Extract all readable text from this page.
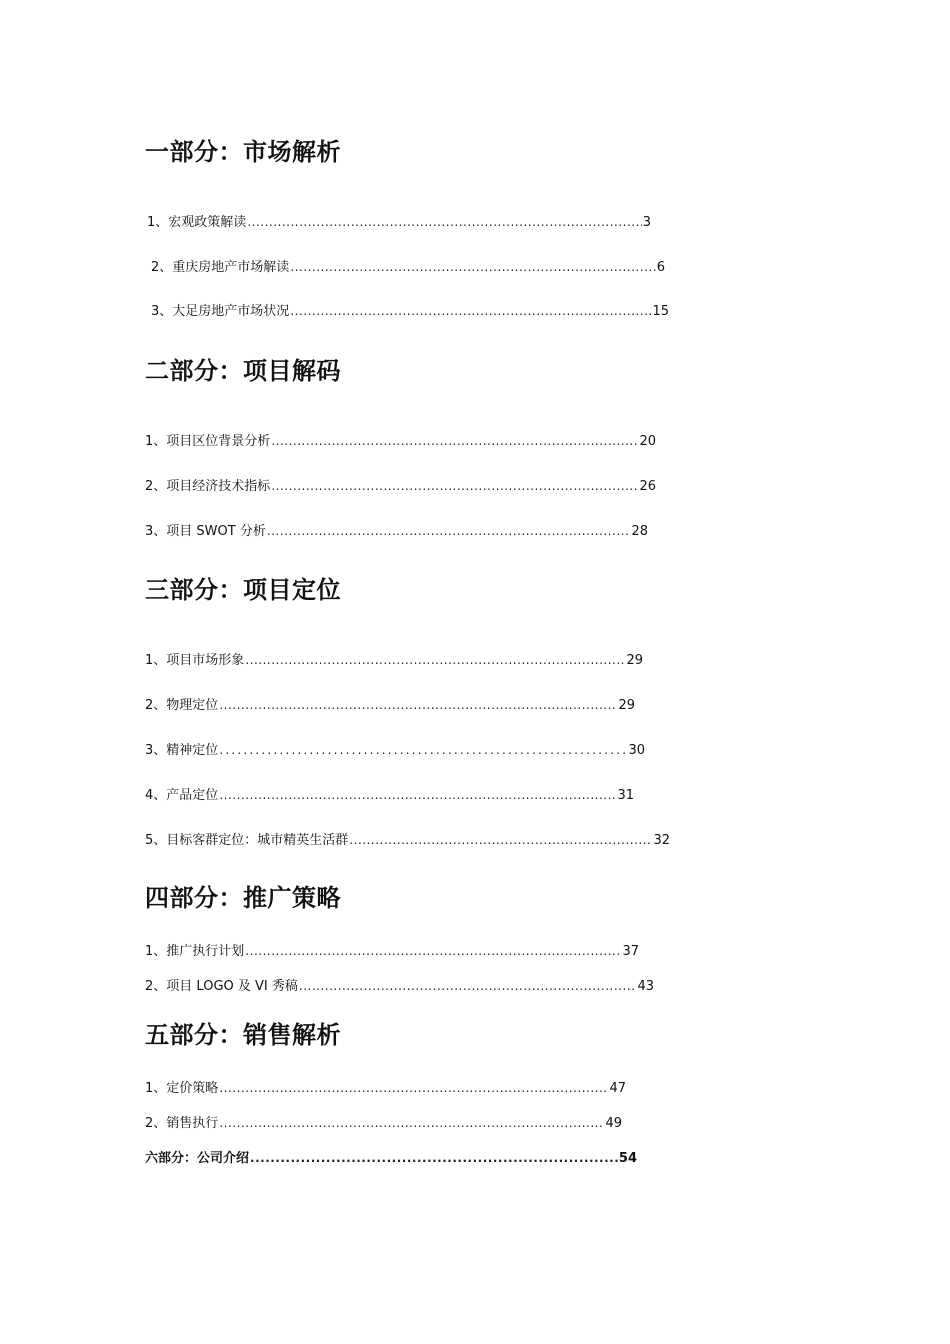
一部分：市场解析
1 、 宏观政策解读 .....	3
2 、 重庆房地产市场解读 .....	6
3 、 大足房地产市场状况 .....	15
二部分：项目解码
1 、 项目区位背景分析 .....	20
2 、 项目经济技术指标 .....	26
3 、 项目 SWOT 分析 .....	28
三部分：项目定位
1 、 项目市场形象 .....	29
2 、 物理定位 .....	29
3 、 精神定位 .....	30
4 、 产品定位 .....	31
5 、 目标客群定位：城市精英生活群 .....	32
四部分：推广策略
1 、 推广执行计划 .....	37
2 、 项目 LOGO 及 VI 秀稿 .....	43
五部分：销售解析
1 、 定价策略 .....	47
2 、 销售执行 .....	49
六部分：公司介绍 .....	54
